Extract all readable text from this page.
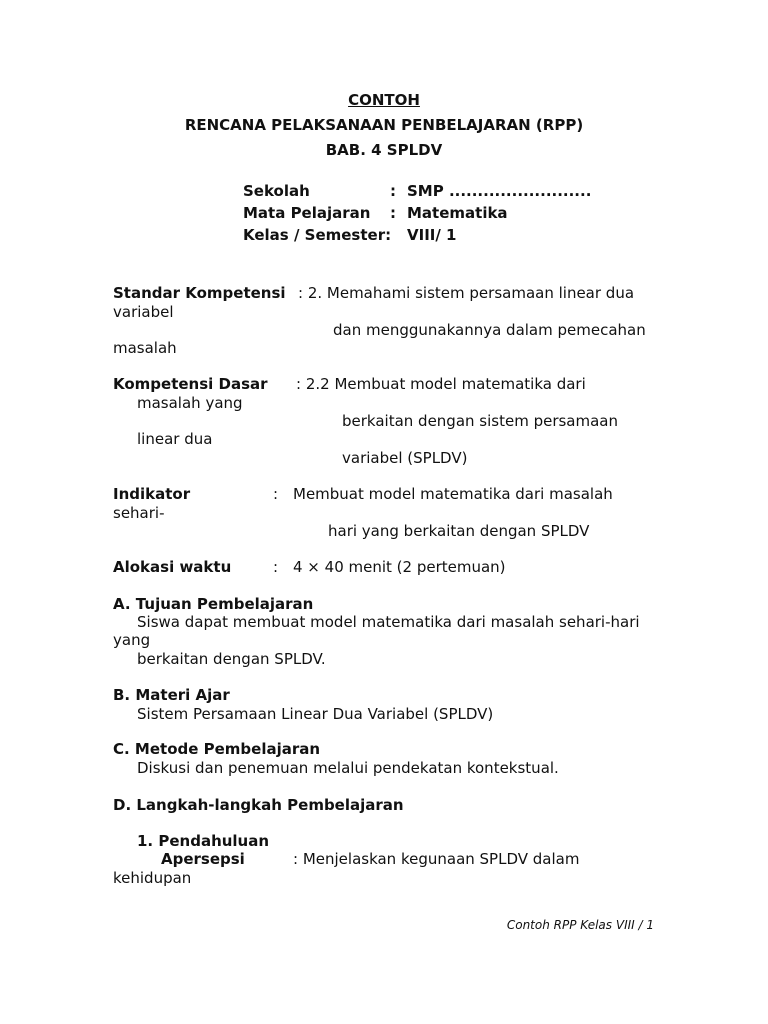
CONTOH
RENCANA PELAKSANAAN PENBELAJARAN (RPP)
BAB. 4 SPLDV
Sekolah	: SMP .........................
Mata Pelajaran : Matematika
Kelas / Semester: VIII/ 1
Standar Kompetensi : 2. Memahami sistem persamaan linear dua
variabel
dan menggunakannya dalam pemecahan
masalah
Kompetensi Dasar : 2.2 Membuat model matematika dari
masalah yang
berkaitan dengan sistem persamaan
linear dua
variabel (SPLDV)
Indikator	: Membuat model matematika dari masalah
sehari-
hari yang berkaitan dengan SPLDV
Alokasi waktu	: 4 × 40 menit (2 pertemuan)
A. Tujuan Pembelajaran
Siswa dapat membuat model matematika dari masalah sehari-hari
yang
berkaitan dengan SPLDV.
B. Materi Ajar
Sistem Persamaan Linear Dua Variabel (SPLDV)
C. Metode Pembelajaran
Diskusi dan penemuan melalui pendekatan kontekstual.
D. Langkah-langkah Pembelajaran
1. Pendahuluan
Apersepsi	: Menjelaskan kegunaan SPLDV dalam
kehidupan
Contoh RPP Kelas VIII / 1
